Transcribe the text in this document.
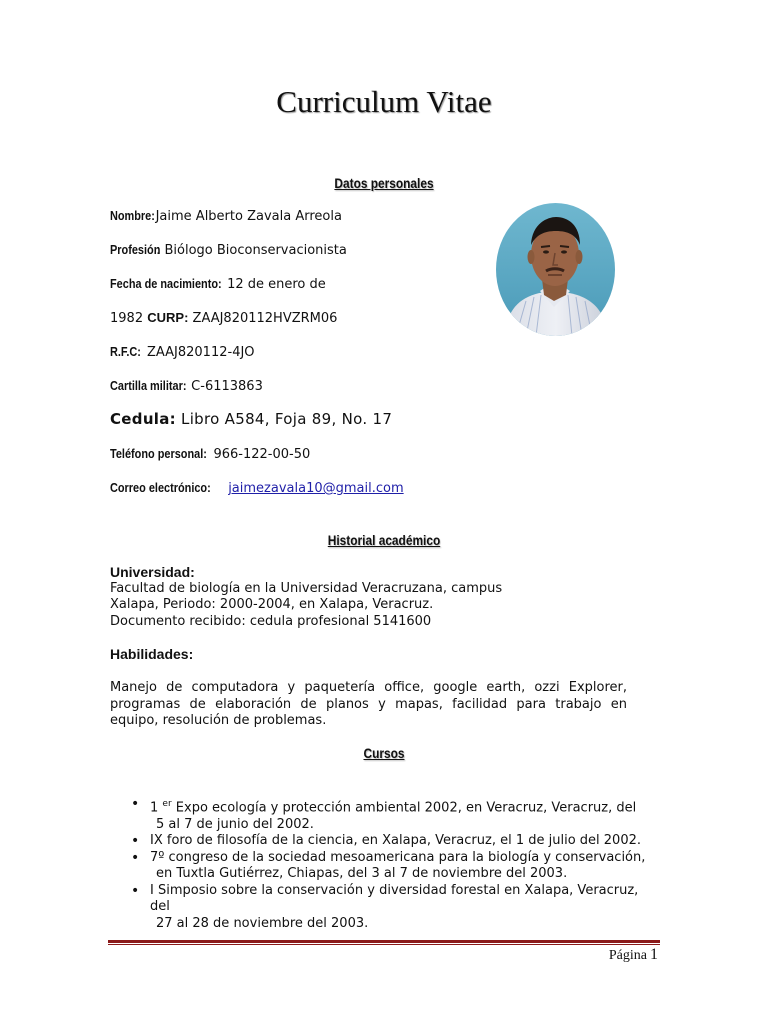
Curriculum Vitae
Datos personales
Nombre: Jaime Alberto Zavala Arreola
Profesión: Biólogo Bioconservacionista
Fecha de nacimiento: 12 de enero de
1982 CURP: ZAAJ820112HVZRM06
R.F.C: ZAAJ820112-4JO
Cartilla militar: C-6113863
Cedula: Libro A584, Foja 89, No. 17
Teléfono personal: 966-122-00-50
Correo electrónico: jaimezavala10@gmail.com
Historial académico
Universidad:
Facultad de biología en la Universidad Veracruzana, campus
Xalapa, Periodo: 2000-2004, en Xalapa, Veracruz.
Documento recibido: cedula profesional 5141600
Habilidades:
Manejo de computadora y paquetería office, google earth, ozzi Explorer, programas de elaboración de planos y mapas, facilidad para trabajo en equipo, resolución de problemas.
Cursos
• 1 $^{er}$ Expo ecología y protección ambiental 2002, en Veracruz, Veracruz, del
5 al 7 de junio del 2002.
• IX foro de filosofía de la ciencia, en Xalapa, Veracruz, el 1 de julio del 2002.
• 7º congreso de la sociedad mesoamericana para la biología y conservación,
en Tuxtla Gutiérrez, Chiapas, del 3 al 7 de noviembre del 2003.
• I Simposio sobre la conservación y diversidad forestal en Xalapa, Veracruz, del
27 al 28 de noviembre del 2003.
Página 1
